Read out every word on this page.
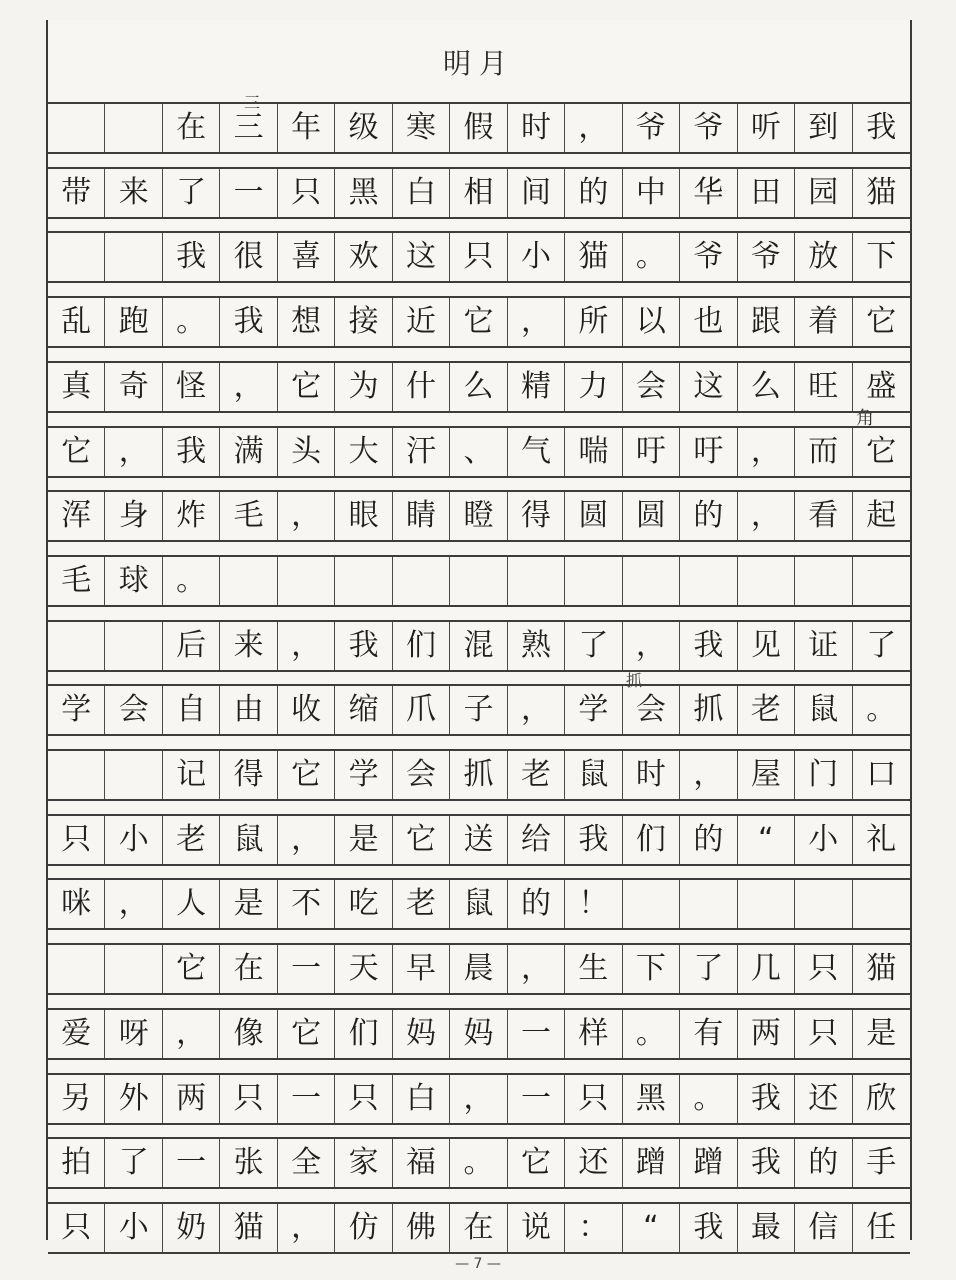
明月
三
角
抓
在 三 年 级 寒 假 时 ， 爷 爷 听 到 我
带 来 了 一 只 黑 白 相 间 的 中 华 田 园 猫
我 很 喜 欢 这 只 小 猫 。 爷 爷 放 下
乱 跑 。 我 想 接 近 它 ， 所 以 也 跟 着 它
真 奇 怪 ， 它 为 什 么 精 力 会 这 么 旺 盛
它 ， 我 满 头 大 汗 、 气 喘 吁 吁 ， 而 它
浑 身 炸 毛 ， 眼 睛 瞪 得 圆 圆 的 ， 看 起
毛 球 。
后 来 ， 我 们 混 熟 了 ， 我 见 证 了
学 会 自 由 收 缩 爪 子 ， 学 会 抓 老 鼠 。
记 得 它 学 会 抓 老 鼠 时 ， 屋 门 口
只 小 老 鼠 ， 是 它 送 给 我 们 的	“	小 礼
咪 ， 人 是 不 吃 老 鼠 的 ！
它 在 一 天 早 晨 ， 生 下 了 几 只 猫
爱 呀 ， 像 它 们 妈 妈 一 样 。 有 两 只 是
另 外 两 只 一 只 白 ， 一 只 黑 。 我 还 欣
拍 了 一 张 全 家 福 。 它 还 蹭 蹭 我 的 手
只 小 奶 猫 ， 仿 佛 在 说 ：	“	我 最 信 任
— 7 —
